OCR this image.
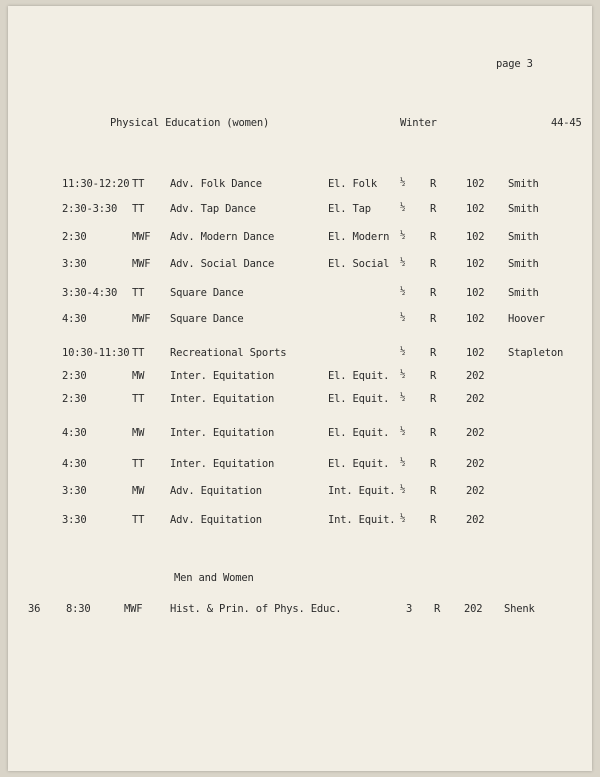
page 3
Physical Education (women)	Winter	44-45
11:30-12:20 TT Adv. Folk Dance	El. Folk	½ R	102 Smith
2:30-3:30 TT Adv. Tap Dance	El. Tap	½ R	102 Smith
2:30	MWF Adv. Modern Dance	El. Modern ½ R	102 Smith
3:30	MWF Adv. Social Dance	El. Social ½ R	102 Smith
3:30-4:30 TT Square Dance	½ R	102 Smith
4:30	MWF Square Dance	½ R	102 Hoover
10:30-11:30 TT Recreational Sports	½ R	102 Stapleton
2:30	MW Inter. Equitation	El. Equit. ½ R	202
2:30	TT Inter. Equitation	El. Equit. ½ R	202
4:30	MW Inter. Equitation	El. Equit. ½ R	202
4:30	TT Inter. Equitation	El. Equit. ½ R	202
3:30	MW Adv. Equitation	Int. Equit. ½ R	202
3:30	TT Adv. Equitation	Int. Equit. ½ R	202
Men and Women
36 8:30	MWF	Hist. & Prin. of Phys. Educ.	3 R 202 Shenk
